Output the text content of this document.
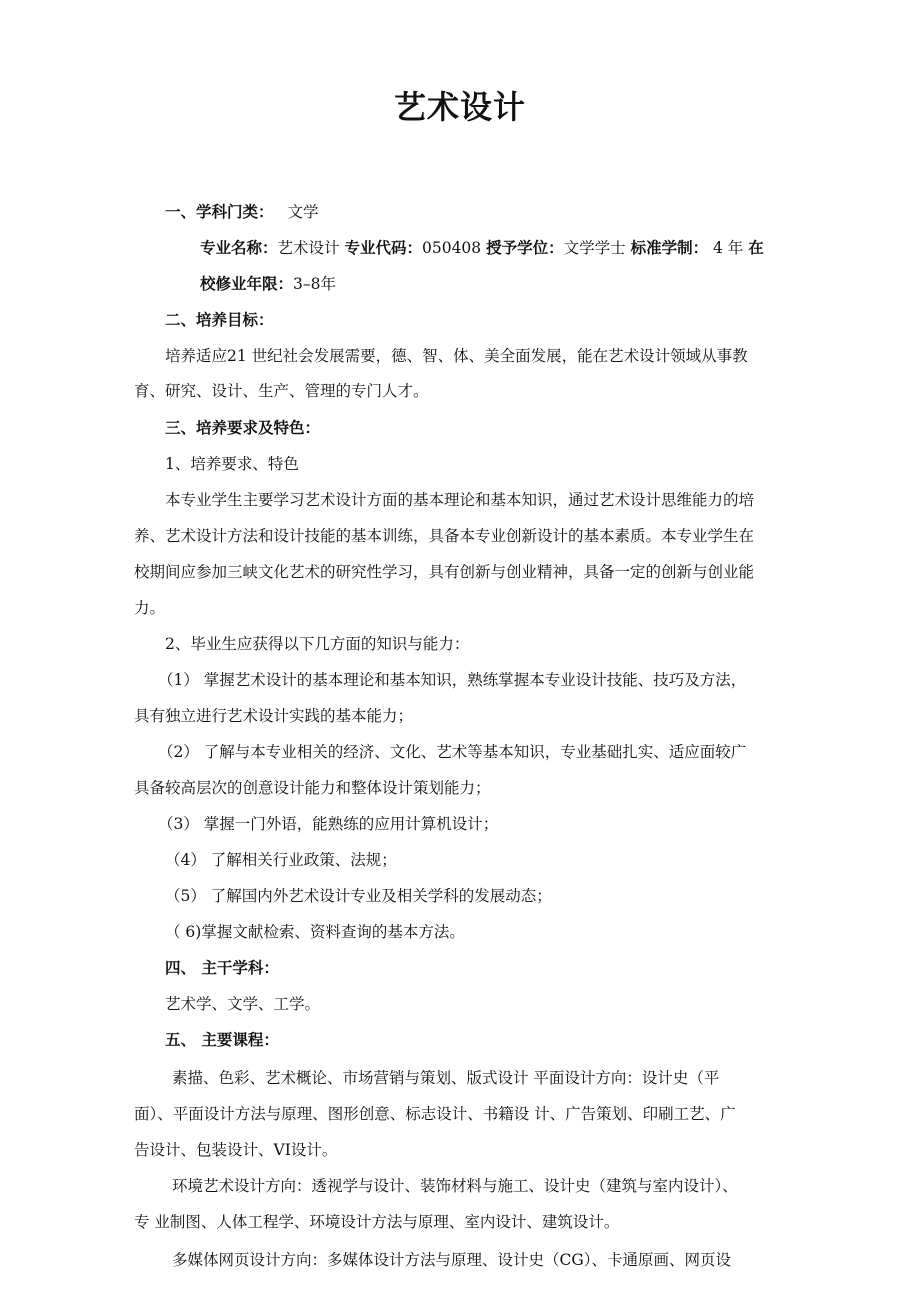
艺术设计
一、学科门类： 文学
专业名称：艺术设计 专业代码：050408 授予学位：文学学士 标准学制： 4 年 在
校修业年限：3–8年
二、培养目标：
培养适应21 世纪社会发展需要，德、智、体、美全面发展，能在艺术设计领域从事教
育、研究、设计、生产、管理的专门人才。
三、培养要求及特色：
1、培养要求、特色
本专业学生主要学习艺术设计方面的基本理论和基本知识，通过艺术设计思维能力的培
养、艺术设计方法和设计技能的基本训练，具备本专业创新设计的基本素质。本专业学生在
校期间应参加三峡文化艺术的研究性学习，具有创新与创业精神，具备一定的创新与创业能
力。
2、毕业生应获得以下几方面的知识与能力：
（1） 掌握艺术设计的基本理论和基本知识，熟练掌握本专业设计技能、技巧及方法，
具有独立进行艺术设计实践的基本能力；
（2） 了解与本专业相关的经济、文化、艺术等基本知识，专业基础扎实、适应面较广
具备较高层次的创意设计能力和整体设计策划能力；
（3） 掌握一门外语，能熟练的应用计算机设计；
（4） 了解相关行业政策、法规；
（5） 了解国内外艺术设计专业及相关学科的发展动态；
（ 6)掌握文献检索、资料查询的基本方法。
四、 主干学科：
艺术学、文学、工学。
五、 主要课程：
素描、色彩、艺术概论、市场营销与策划、版式设计 平面设计方向：设计史（平
面）、平面设计方法与原理、图形创意、标志设计、书籍设 计、广告策划、印刷工艺、广
告设计、包装设计、VI设计。
环境艺术设计方向：透视学与设计、装饰材料与施工、设计史（建筑与室内设计）、
专 业制图、人体工程学、环境设计方法与原理、室内设计、建筑设计。
多媒体网页设计方向：多媒体设计方法与原理、设计史（CG）、卡通原画、网页设
